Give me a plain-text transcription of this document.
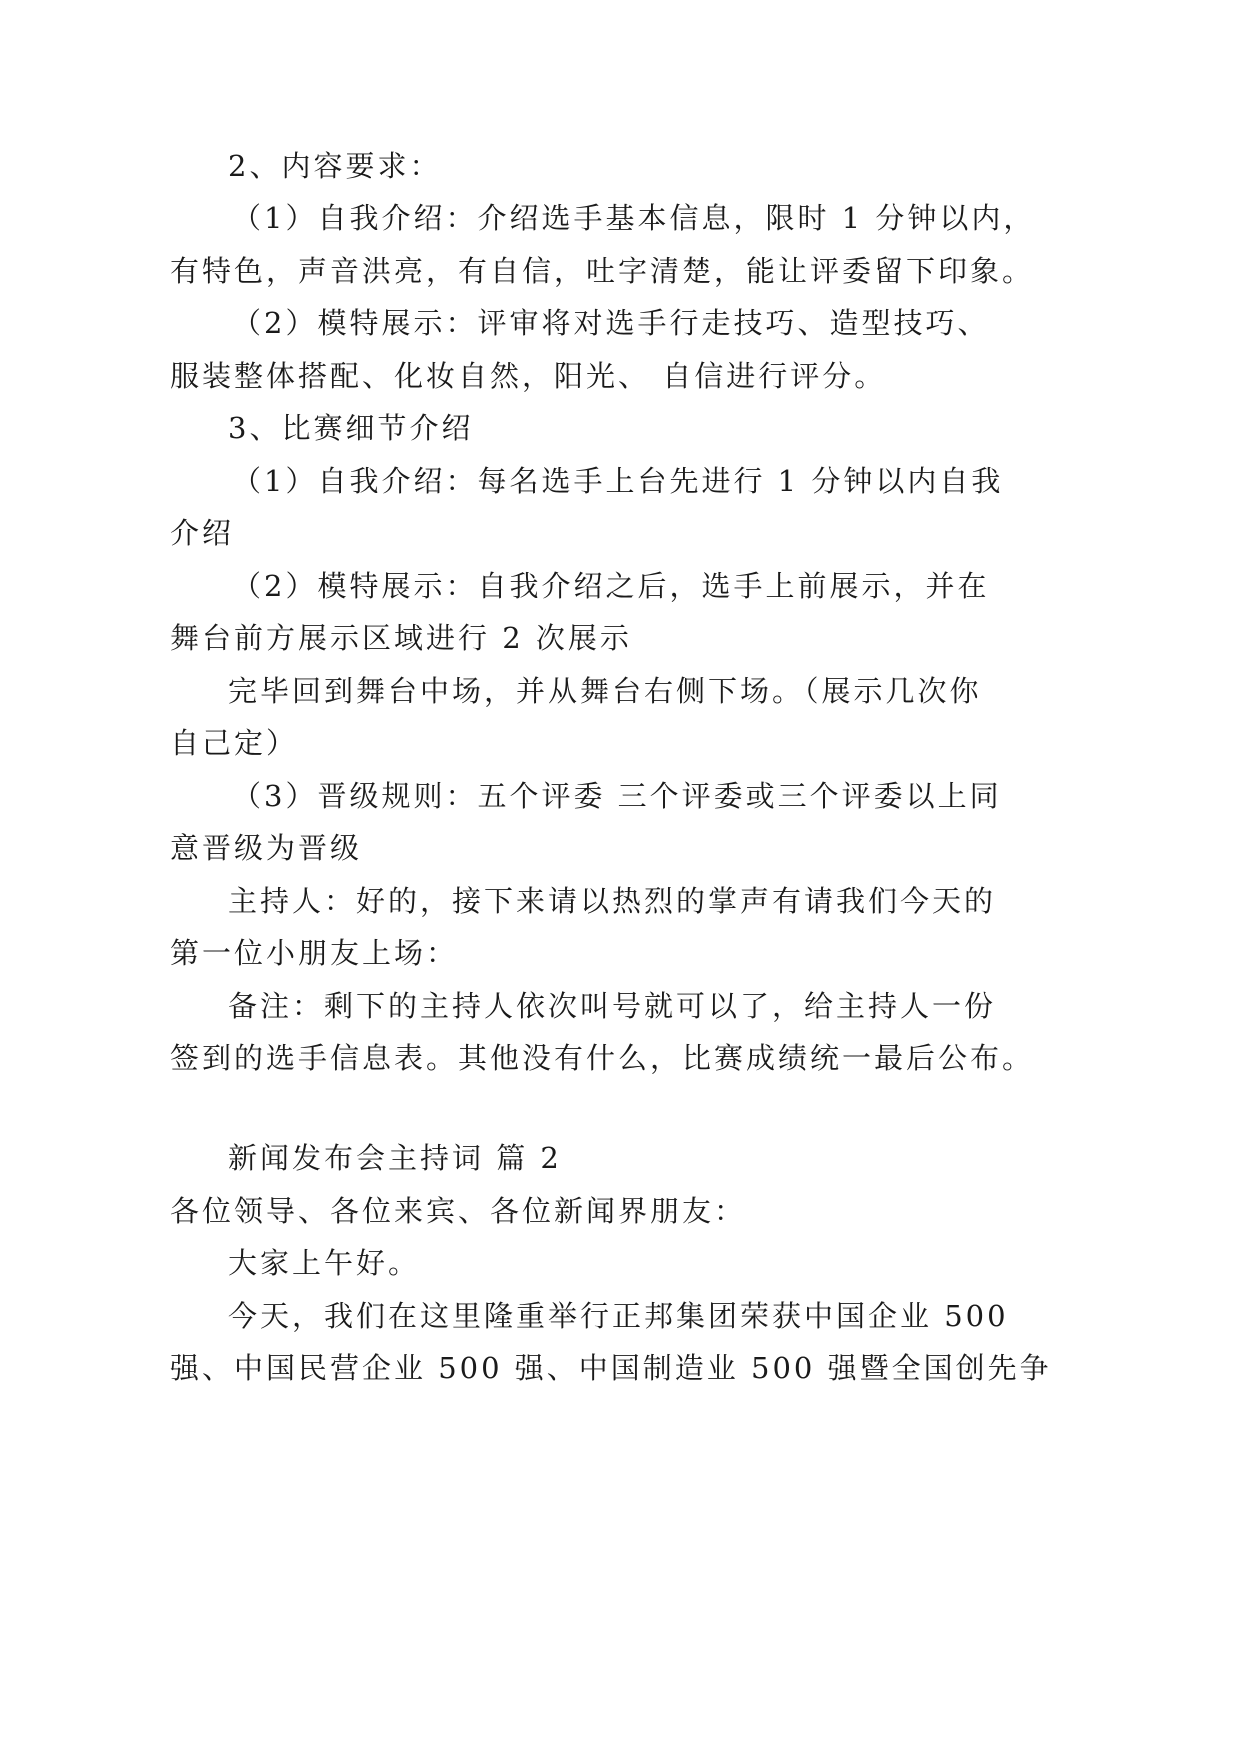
2、内容要求：
（1）自我介绍：介绍选手基本信息，限时 1 分钟以内，
有特色，声音洪亮，有自信，吐字清楚，能让评委留下印象。
（2）模特展示：评审将对选手行走技巧、造型技巧、
服装整体搭配、化妆自然，阳光、 自信进行评分。
3、比赛细节介绍
（1）自我介绍：每名选手上台先进行 1 分钟以内自我
介绍
（2）模特展示：自我介绍之后，选手上前展示，并在
舞台前方展示区域进行 2 次展示
完毕回到舞台中场，并从舞台右侧下场。（展示几次你
自己定）
（3）晋级规则：五个评委 三个评委或三个评委以上同
意晋级为晋级
主持人：好的，接下来请以热烈的掌声有请我们今天的
第一位小朋友上场：
备注：剩下的主持人依次叫号就可以了，给主持人一份
签到的选手信息表。其他没有什么，比赛成绩统一最后公布。
新闻发布会主持词 篇 2
各位领导、各位来宾、各位新闻界朋友：
大家上午好。
今天，我们在这里隆重举行正邦集团荣获中国企业 500
强、中国民营企业 500 强、中国制造业 500 强暨全国创先争
